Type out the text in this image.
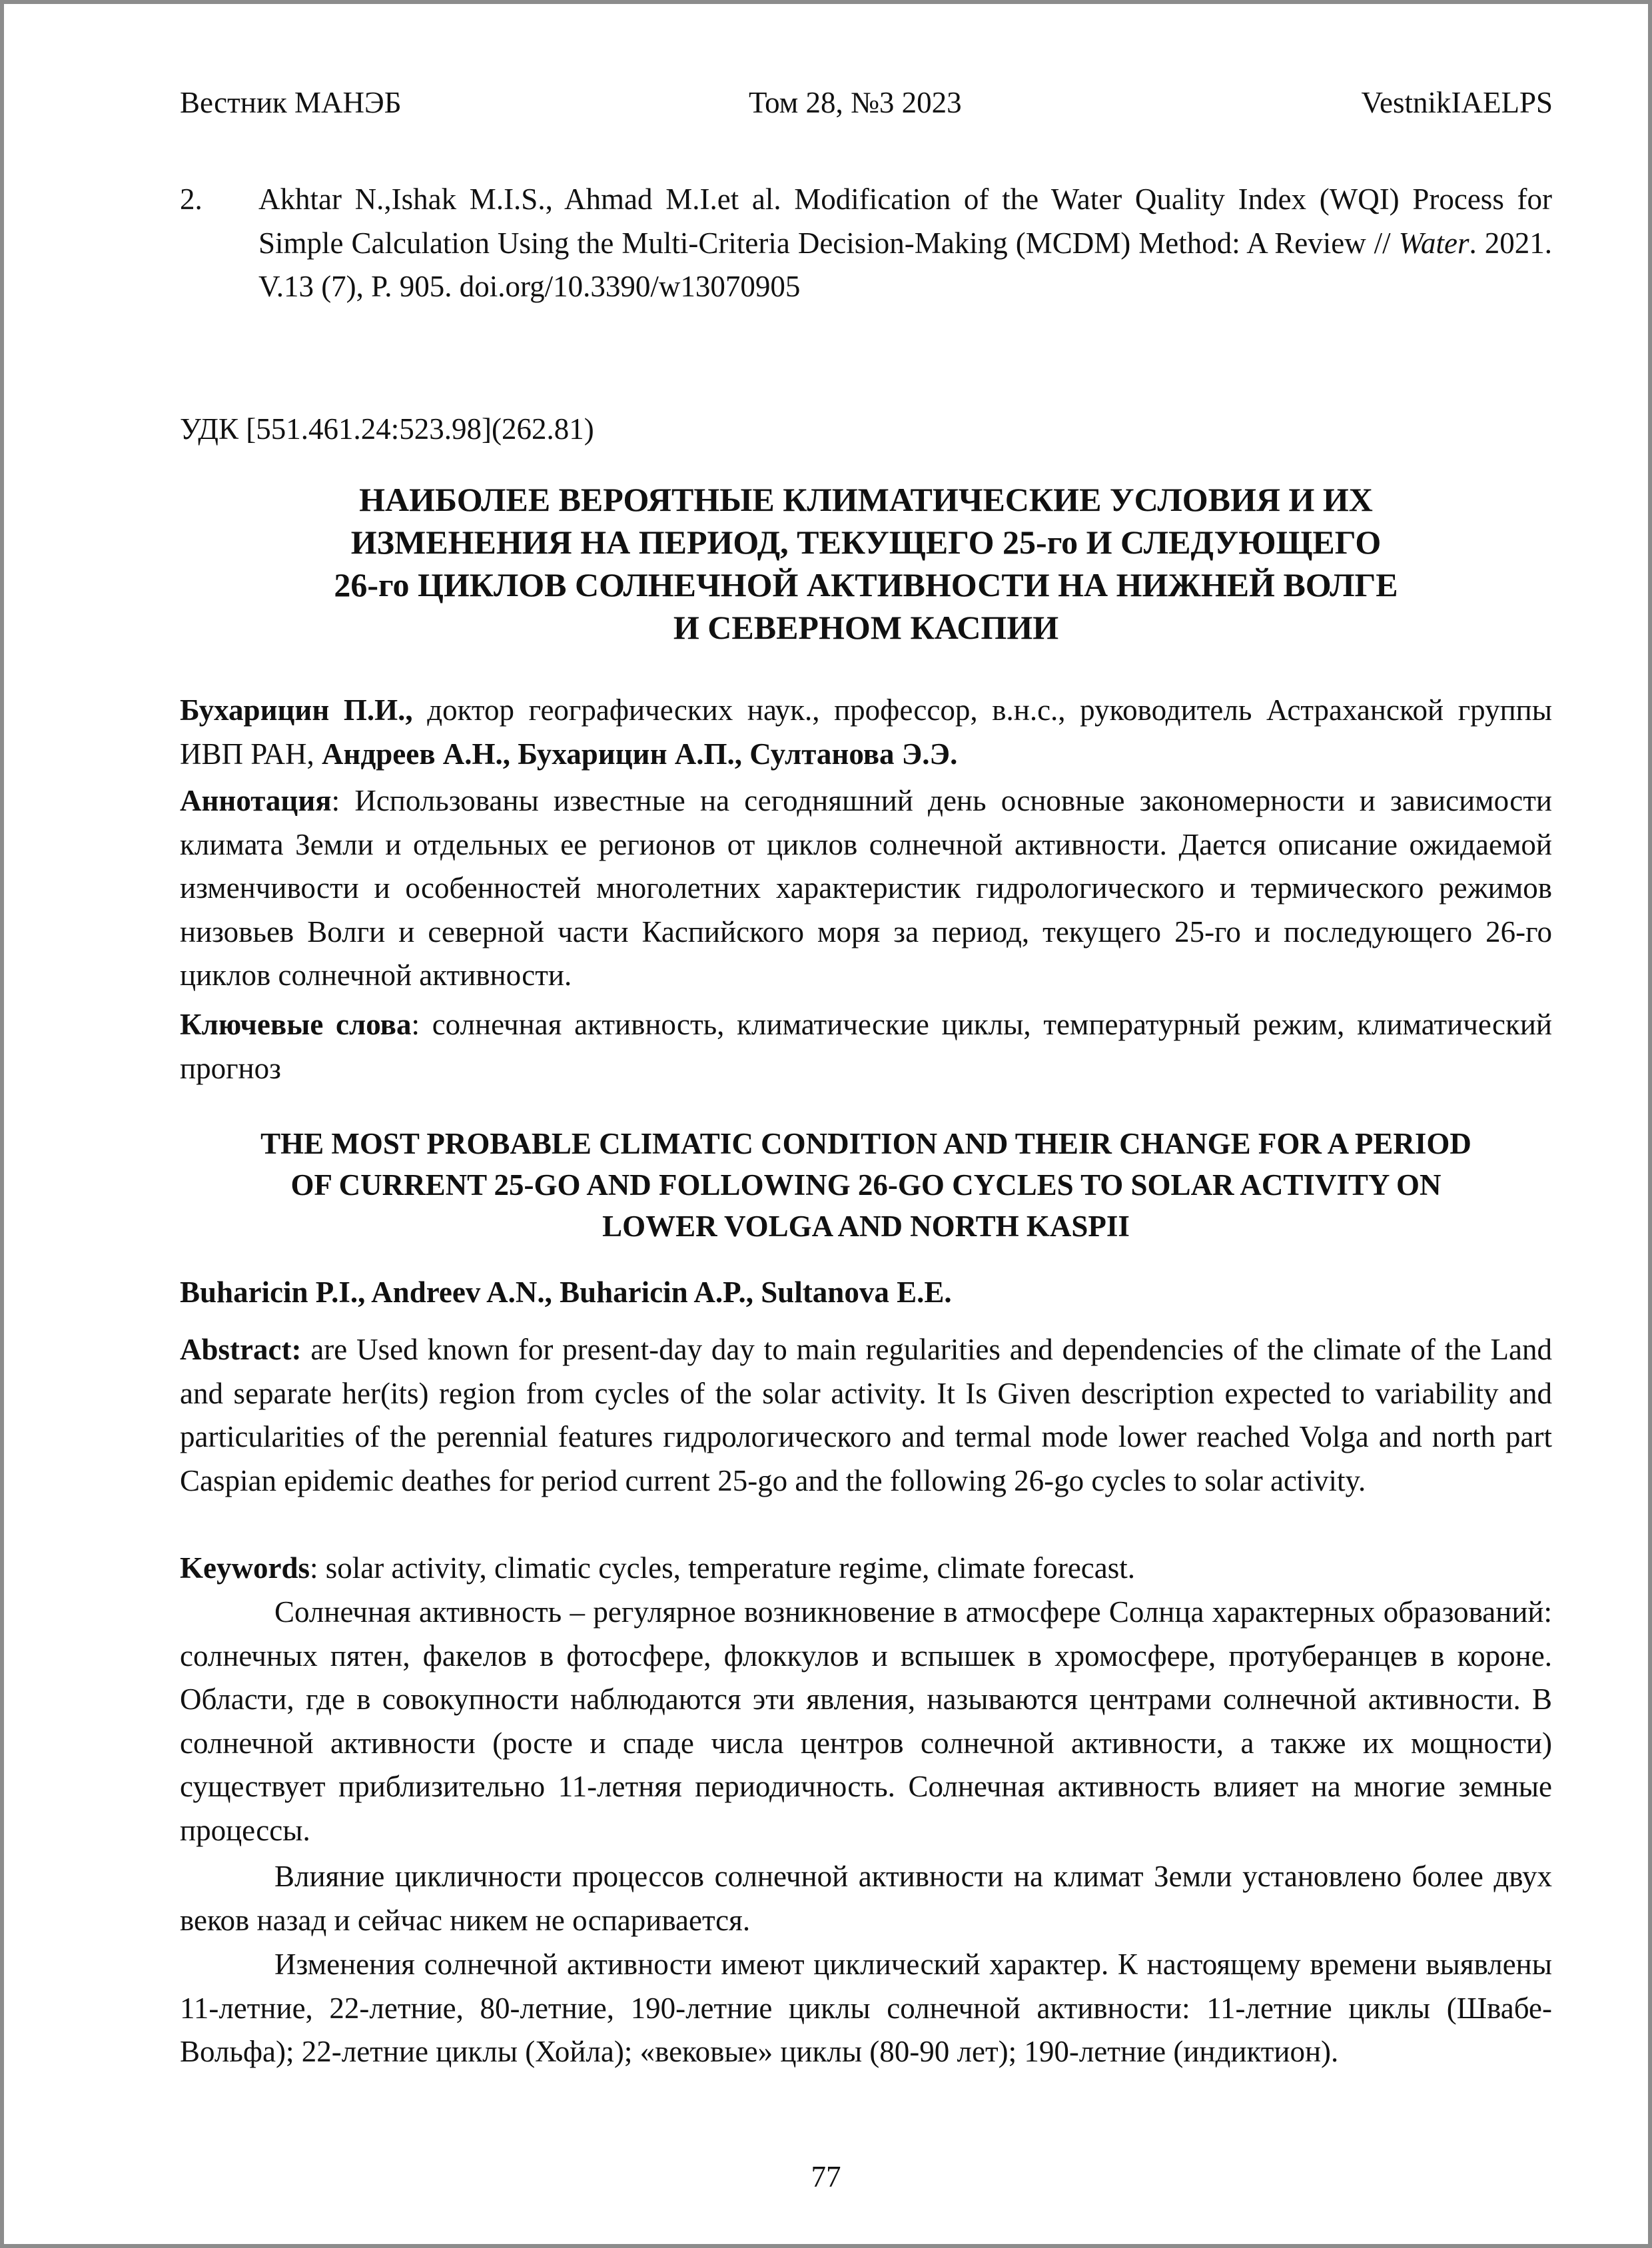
Вестник МАНЭБ	Том 28, №3 2023	VestnikIAELPS
2. Akhtar N.,Ishak M.I.S., Ahmad M.I.et al. Modification of the Water Quality Index (WQI) Process for Simple Calculation Using the Multi-Criteria Decision-Making (MCDM) Method: A Review // Water. 2021. V.13 (7), P. 905. doi.org/10.3390/w13070905

УДК [551.461.24:523.98](262.81)
НАИБОЛЕЕ ВЕРОЯТНЫЕ КЛИМАТИЧЕСКИЕ УСЛОВИЯ И ИХ
ИЗМЕНЕНИЯ НА ПЕРИОД, ТЕКУЩЕГО 25-го И СЛЕДУЮЩЕГО
26-го ЦИКЛОВ СОЛНЕЧНОЙ АКТИВНОСТИ НА НИЖНЕЙ ВОЛГЕ
И СЕВЕРНОМ КАСПИИ

Бухарицин П.И., доктор географических наук., профессор, в.н.с., руководитель Астраханской группы ИВП РАН, Андреев А.Н., Бухарицин А.П., Султанова Э.Э.

Аннотация: Использованы известные на сегодняшний день основные закономерности и зависимости климата Земли и отдельных ее регионов от циклов солнечной активности. Дается описание ожидаемой изменчивости и особенностей многолетних характеристик гидрологического и термического режимов низовьев Волги и северной части Каспийского моря за период, текущего 25-го и последующего 26-го циклов солнечной активности.

Ключевые слова: солнечная активность, климатические циклы, температурный режим, климатический прогноз

THE MOST PROBABLE CLIMATIC CONDITION AND THEIR CHANGE FOR A PERIOD
OF CURRENT 25-GO AND FOLLOWING 26-GO CYCLES TO SOLAR ACTIVITY ON
LOWER VOLGA AND NORTH KASPII
Buharicin P.I., Andreev A.N., Buharicin A.P., Sultanova E.E.

Abstract: are Used known for present-day day to main regularities and dependencies of the climate of the Land and separate her(its) region from cycles of the solar activity. It Is Given description expected to variability and particularities of the perennial features гидрологического and termal mode lower reached Volga and north part Caspian epidemic deathes for period current 25-go and the following 26-go cycles to solar activity.

Keywords: solar activity, climatic cycles, temperature regime, climate forecast.

Солнечная активность – регулярное возникновение в атмосфере Солнца характерных образований: солнечных пятен, факелов в фотосфере, флоккулов и вспышек в хромосфере, протуберанцев в короне. Области, где в совокупности наблюдаются эти явления, называются центрами солнечной активности. В солнечной активности (росте и спаде числа центров солнечной активности, а также их мощности) существует приблизительно 11-летняя периодичность. Солнечная активность влияет на многие земные процессы.

Влияние цикличности процессов солнечной активности на климат Земли установлено более двух веков назад и сейчас никем не оспаривается.

Изменения солнечной активности имеют циклический характер. К настоящему времени выявлены 11-летние, 22-летние, 80-летние, 190-летние циклы солнечной активности: 11-летние циклы (Швабе-Вольфа); 22-летние циклы (Хойла); «вековые» циклы (80-90 лет); 190-летние (индиктион).

77
